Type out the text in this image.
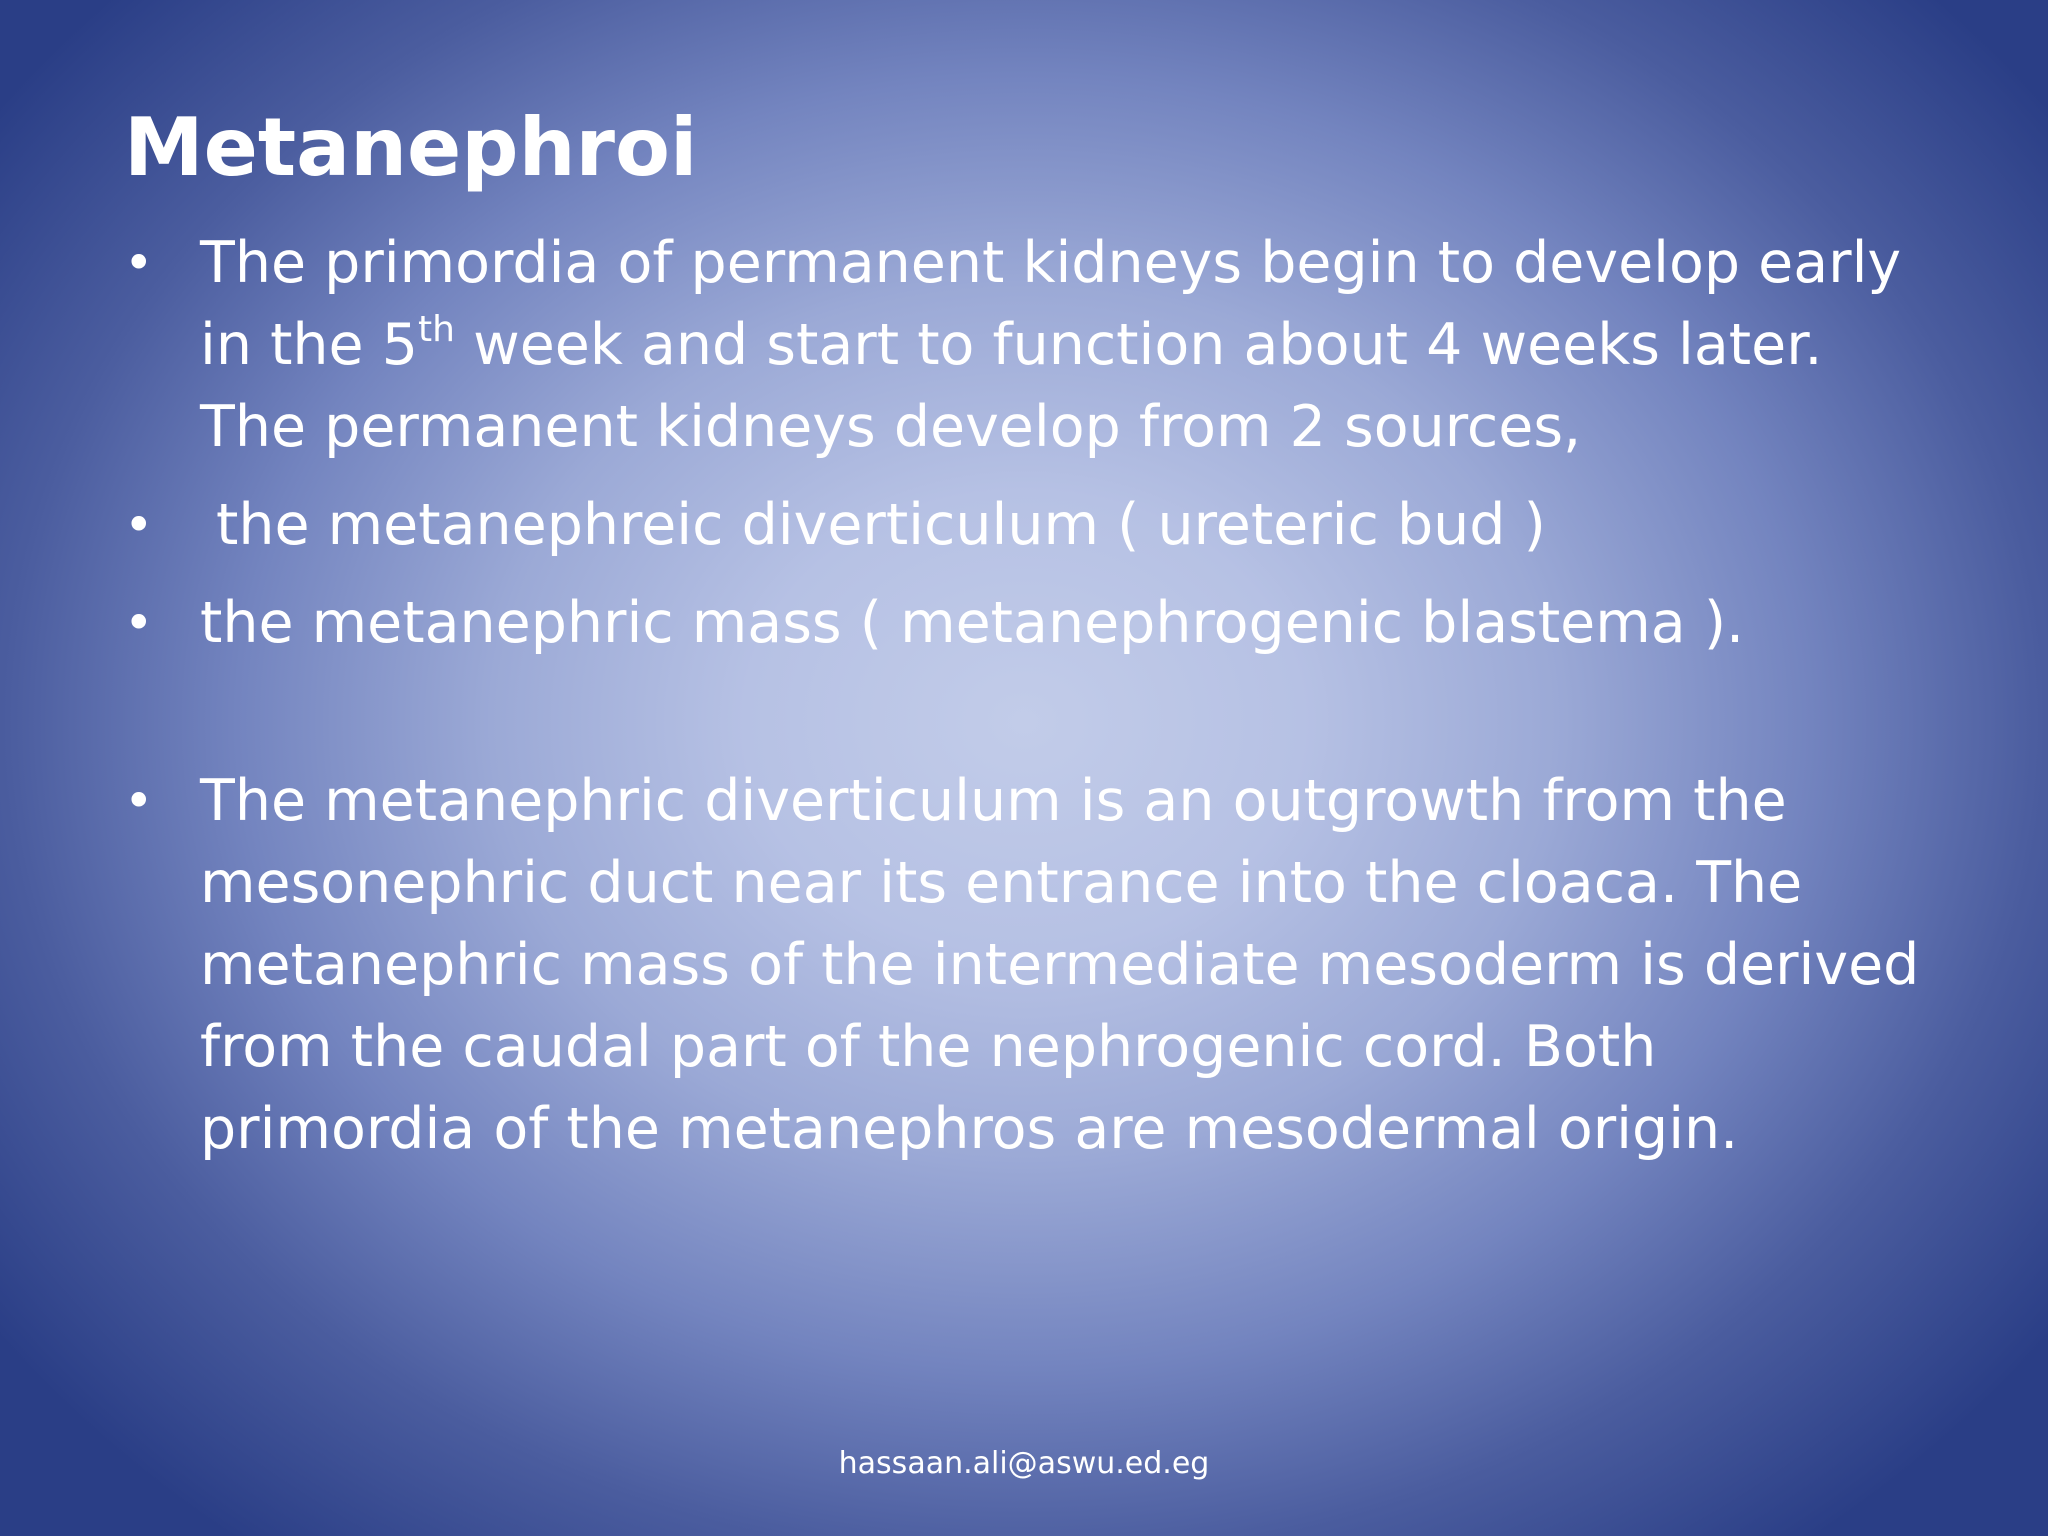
Metanephroi
• The primordia of permanent kidneys begin to develop early in the 5th week and start to function about 4 weeks later. The permanent kidneys develop from 2 sources,
• the metanephreic diverticulum ( ureteric bud )
• the metanephric mass ( metanephrogenic blastema ).
• The metanephric diverticulum is an outgrowth from the mesonephric duct near its entrance into the cloaca. The metanephric mass of the intermediate mesoderm is derived from the caudal part of the nephrogenic cord. Both primordia of the metanephros are mesodermal origin.
hassaan.ali@aswu.ed.eg
